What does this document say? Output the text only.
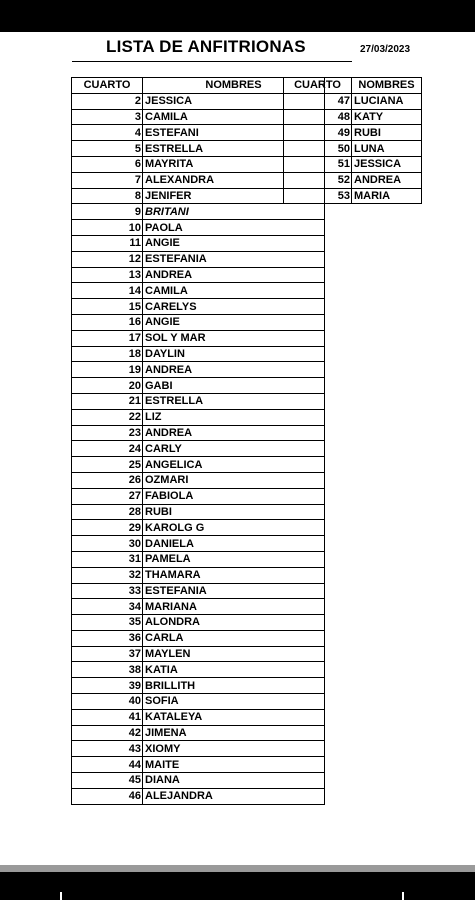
LISTA DE ANFITRIONAS	27/03/2023
CUARTO	NOMBRES
2	JESSICA
3	CAMILA
4	ESTEFANI
5	ESTRELLA
6	MAYRITA
7	ALEXANDRA
8	JENIFER
9	BRITANI
10	PAOLA
11	ANGIE
12	ESTEFANIA
13	ANDREA
14	CAMILA
15	CARELYS
16	ANGIE
17	SOL Y MAR
18	DAYLIN
19	ANDREA
20	GABI
21	ESTRELLA
22	LIZ
23	ANDREA
24	CARLY
25	ANGELICA
26	OZMARI
27	FABIOLA
28	RUBI
29	KAROLG G
30	DANIELA
31	PAMELA
32	THAMARA
33	ESTEFANIA
34	MARIANA
35	ALONDRA
36	CARLA
37	MAYLEN
38	KATIA
39	BRILLITH
40	SOFIA
41	KATALEYA
42	JIMENA
43	XIOMY
44	MAITE
45	DIANA
46	ALEJANDRA
CUARTO	NOMBRES
47	LUCIANA
48	KATY
49	RUBI
50	LUNA
51	JESSICA
52	ANDREA
53	MARIA
